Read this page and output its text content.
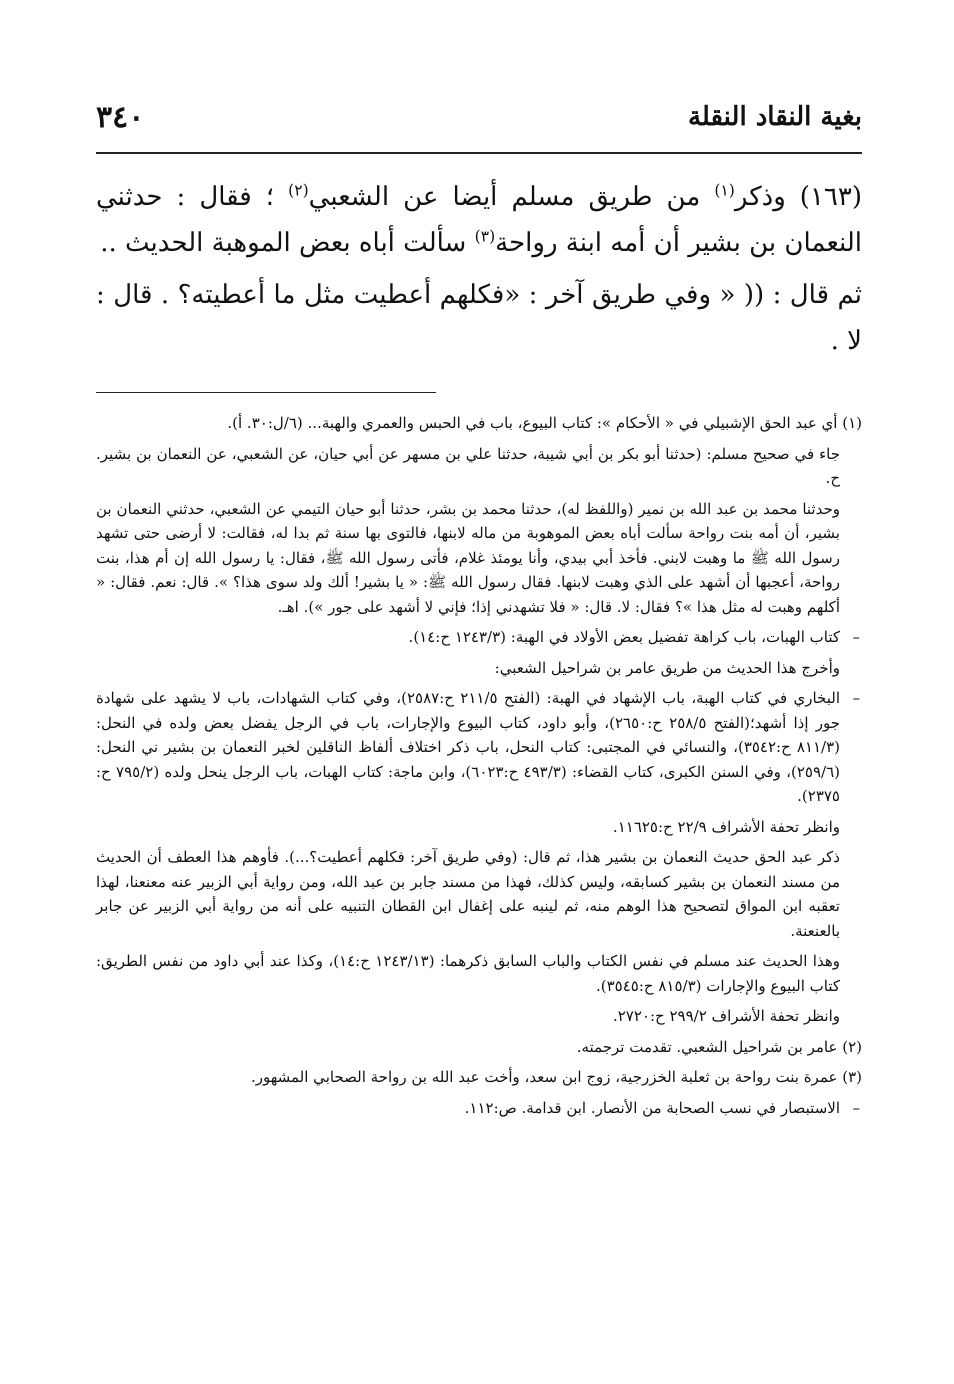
بغية النقاد النقلة
٣٤٠

(١٦٣) وذكر$^{(١)}$ من طريق مسلم أيضا عن الشعبي$^{(٢)}$ ؛ فقال : حدثني النعمان بن بشير أن أمه ابنة رواحة$^{(٣)}$ سألت أباه بعض الموهبة الحديث ..

ثم قال : (( « وفي طريق آخر : «فكلهم أعطيت مثل ما أعطيته؟ . قال : لا .

(١) أي عبد الحق الإشبيلي في « الأحكام »: كتاب البيوع، باب في الحبس والعمري والهبة... (٦/ل:٣٠. أ).

جاء في صحيح مسلم: (حدثنا أبو بكر بن أبي شيبة، حدثنا علي بن مسهر عن أبي حيان، عن الشعبي، عن النعمان بن بشير. ح.

وحدثنا محمد بن عبد الله بن نمير (واللفظ له)، حدثنا محمد بن بشر، حدثنا أبو حيان التيمي عن الشعبي، حدثني النعمان بن بشير، أن أمه بنت رواحة سألت أباه بعض الموهوبة من ماله لابنها، فالتوى بها سنة ثم بدا له، فقالت: لا أرضى حتى تشهد رسول الله ﷺ ما وهبت لابني. فأخذ أبي بيدي، وأنا يومئذ غلام، فأتى رسول الله ﷺ، فقال: يا رسول الله إن أم هذا، بنت رواحة، أعجبها أن أشهد على الذي وهبت لابنها. فقال رسول الله ﷺ: « يا بشير! ألك ولد سوى هذا؟ ». قال: نعم. فقال: « أكلهم وهبت له مثل هذا »؟ فقال: لا. قال: « فلا تشهدني إذا؛ فإني لا أشهد على جور »). اهـ.

– كتاب الهبات، باب كراهة تفضيل بعض الأولاد في الهبة: (١٢٤٣/٣ ح:١٤).

وأخرج هذا الحديث من طريق عامر بن شراحيل الشعبي:

– البخاري في كتاب الهبة، باب الإشهاد في الهبة: (الفتح ٢١١/٥ ح:٢٥٨٧)، وفي كتاب الشهادات، باب لا يشهد على شهادة جور إذا أشهد؛(الفتح ٢٥٨/٥ ح:٢٦٥٠)، وأبو داود، كتاب البيوع والإجارات، باب في الرجل يفضل بعض ولده في النحل: (٨١١/٣ ح:٣٥٤٢)، والنسائي في المجتبى: كتاب النحل، باب ذكر اختلاف ألفاظ الناقلين لخبر النعمان بن بشير ني النحل: (٢٥٩/٦)، وفي السنن الكبرى، كتاب القضاء: (٤٩٣/٣ ح:٦٠٢٣)، وابن ماجة: كتاب الهبات، باب الرجل ينحل ولده (٧٩٥/٢ ح: ٢٣٧٥).

وانظر تحفة الأشراف ٢٢/٩ ح:١١٦٢٥.

ذكر عبد الحق حديث النعمان بن بشير هذا، ثم قال: (وفي طريق آخر: فكلهم أعطيت؟...). فأوهم هذا العطف أن الحديث من مسند النعمان بن بشير كسابقه، وليس كذلك، فهذا من مسند جابر بن عبد الله، ومن رواية أبي الزبير عنه معنعنا، لهذا تعقبه ابن المواق لتصحيح هذا الوهم منه، ثم لينبه على إغفال ابن القطان التنبيه على أنه من رواية أبي الزبير عن جابر بالعنعنة.

وهذا الحديث عند مسلم في نفس الكتاب والباب السابق ذكرهما: (١٢٤٣/١٣ ح:١٤)، وكذا عند أبي داود من نفس الطريق: كتاب البيوع والإجارات (٨١٥/٣ ح:٣٥٤٥).

وانظر تحفة الأشراف ٢٩٩/٢ ح:٢٧٢٠.

(٢) عامر بن شراحيل الشعبي. تقدمت ترجمته.

(٣) عمرة بنت رواحة بن ثعلبة الخزرجية، زوج ابن سعد، وأخت عبد الله بن رواحة الصحابي المشهور.

– الاستبصار في نسب الصحابة من الأنصار. ابن قدامة. ص:١١٢.
